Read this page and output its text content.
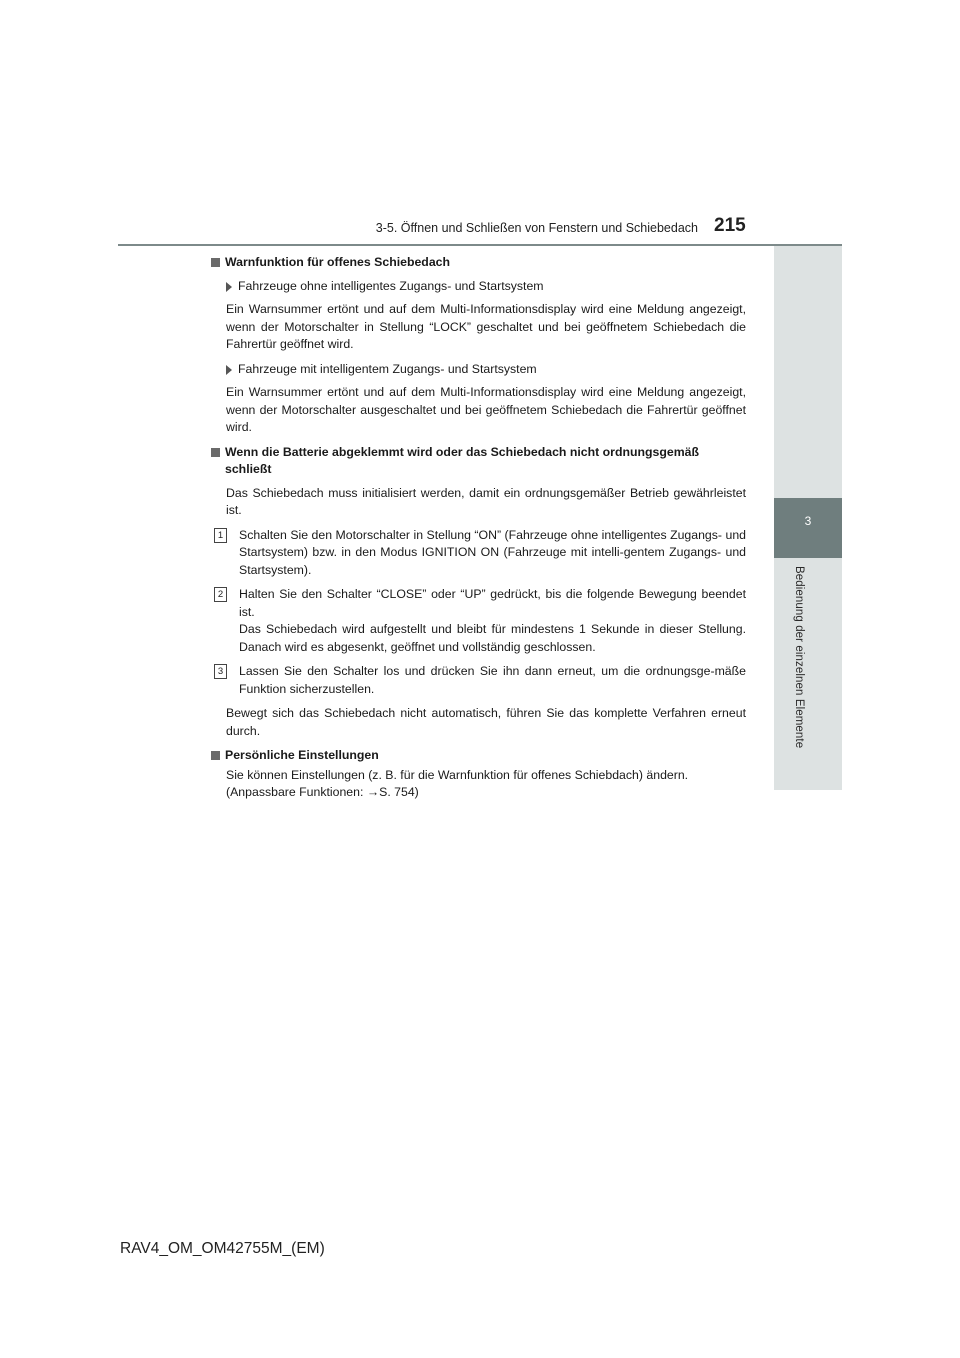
3-5. Öffnen und Schließen von Fenstern und Schiebedach 215
3
Bedienung der einzelnen Elemente
Warnfunktion für offenes Schiebedach
Fahrzeuge ohne intelligentes Zugangs- und Startsystem
Ein Warnsummer ertönt und auf dem Multi-Informationsdisplay wird eine Meldung angezeigt, wenn der Motorschalter in Stellung “LOCK” geschaltet und bei geöffnetem Schiebedach die Fahrertür geöffnet wird.
Fahrzeuge mit intelligentem Zugangs- und Startsystem
Ein Warnsummer ertönt und auf dem Multi-Informationsdisplay wird eine Meldung angezeigt, wenn der Motorschalter ausgeschaltet und bei geöffnetem Schiebedach die Fahrertür geöffnet wird.
Wenn die Batterie abgeklemmt wird oder das Schiebedach nicht ordnungsgemäß schließt
Das Schiebedach muss initialisiert werden, damit ein ordnungsgemäßer Betrieb gewährleistet ist.
1	Schalten Sie den Motorschalter in Stellung “ON” (Fahrzeuge ohne intelligentes Zugangs- und Startsystem) bzw. in den Modus IGNITION ON (Fahrzeuge mit intelli-gentem Zugangs- und Startsystem).
2	Halten Sie den Schalter “CLOSE” oder “UP” gedrückt, bis die folgende Bewegung beendet ist.
Das Schiebedach wird aufgestellt und bleibt für mindestens 1 Sekunde in dieser Stellung. Danach wird es abgesenkt, geöffnet und vollständig geschlossen.
3	Lassen Sie den Schalter los und drücken Sie ihn dann erneut, um die ordnungsge-mäße Funktion sicherzustellen.
Bewegt sich das Schiebedach nicht automatisch, führen Sie das komplette Verfahren erneut durch.
Persönliche Einstellungen
Sie können Einstellungen (z. B. für die Warnfunktion für offenes Schiebdach) ändern.
(Anpassbare Funktionen: →S. 754)
RAV4_OM_OM42755M_(EM)
